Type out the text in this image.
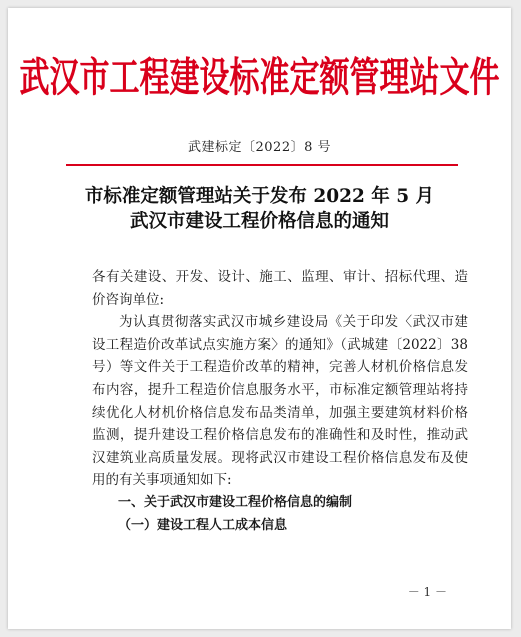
武汉市工程建设标准定额管理站文件
武建标定〔2022〕8 号
市标准定额管理站关于发布 2022 年 5 月
武汉市建设工程价格信息的通知

各有关建设、开发、设计、施工、监理、审计、招标代理、造价咨询单位:

为认真贯彻落实武汉市城乡建设局《关于印发〈武汉市建设工程造价改革试点实施方案〉的通知》（武城建〔2022〕38 号）等文件关于工程造价改革的精神，完善人材机价格信息发布内容，提升工程造价信息服务水平，市标准定额管理站将持续优化人材机价格信息发布品类清单，加强主要建筑材料价格监测，提升建设工程价格信息发布的准确性和及时性，推动武汉建筑业高质量发展。现将武汉市建设工程价格信息发布及使用的有关事项通知如下:

一、关于武汉市建设工程价格信息的编制

（一）建设工程人工成本信息

－ 1 －
